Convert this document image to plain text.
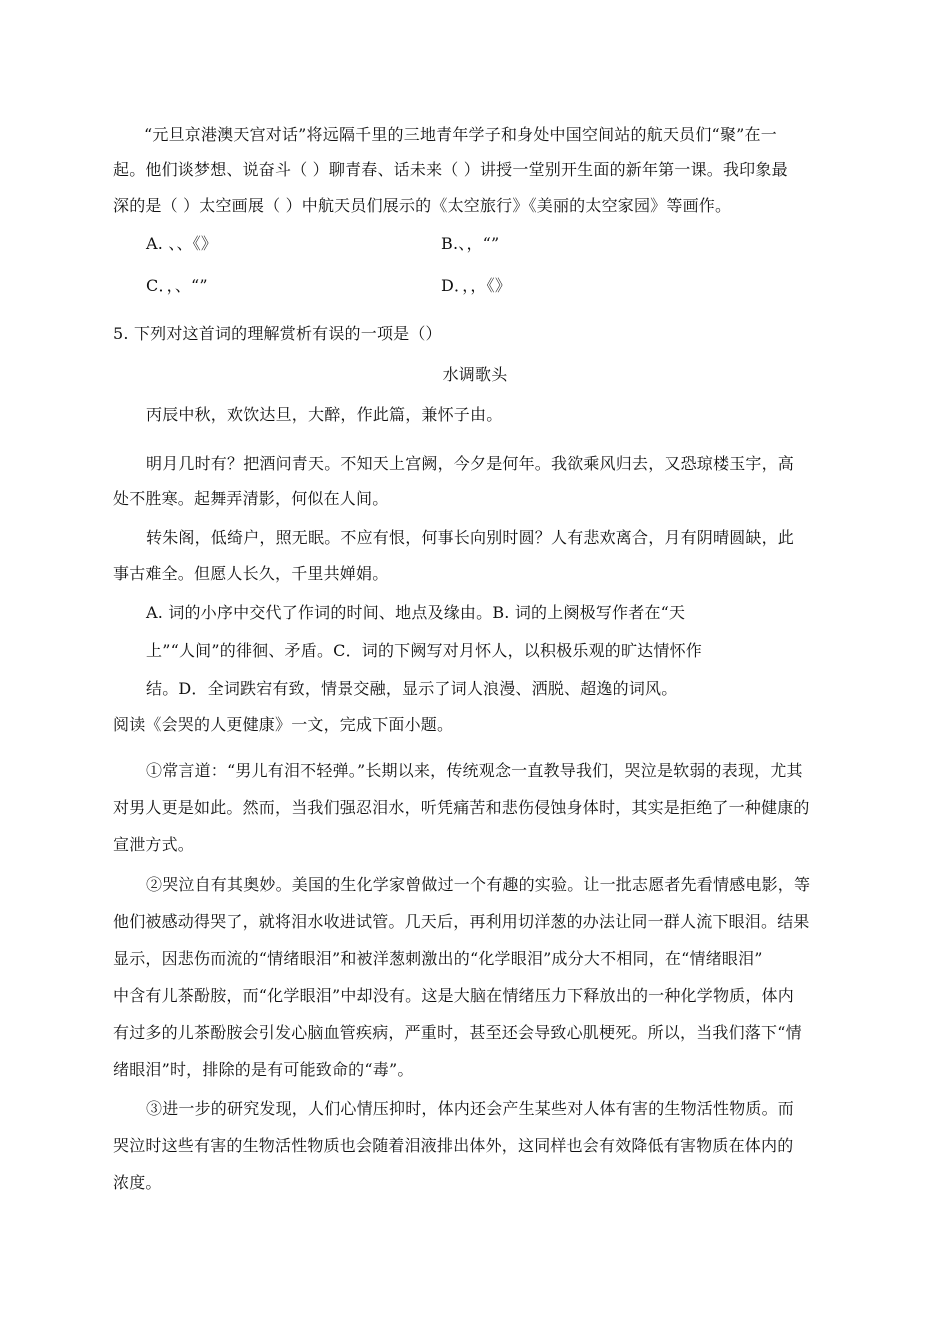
“元旦京港澳天宫对话”将远隔千里的三地青年学子和身处中国空间站的航天员们“聚”在一
起。他们谈梦想、说奋斗（ ）聊青春、话未来（ ）讲授一堂别开生面的新年第一课。我印象最
深的是（ ）太空画展（ ）中航天员们展示的《太空旅行》《美丽的太空家园》等画作。
A. 、、《》	B.、，“”
C．，、“”	D．，，《》
5. 下列对这首词的理解赏析有误的一项是（）
水调歌头
丙辰中秋，欢饮达旦，大醉，作此篇，兼怀子由。
明月几时有？把酒问青天。不知天上宫阙，今夕是何年。我欲乘风归去，又恐琼楼玉宇，高
处不胜寒。起舞弄清影，何似在人间。
转朱阁，低绮户，照无眠。不应有恨，何事长向别时圆？人有悲欢离合，月有阴晴圆缺，此
事古难全。但愿人长久，千里共婵娟。
A. 词的小序中交代了作词的时间、地点及缘由。B. 词的上阕极写作者在“天
上”“人间”的徘徊、矛盾。C．词的下阙写对月怀人，以积极乐观的旷达情怀作
结。D．全词跌宕有致，情景交融，显示了词人浪漫、洒脱、超逸的词风。
阅读《会哭的人更健康》一文，完成下面小题。
①常言道：“男儿有泪不轻弹。”长期以来，传统观念一直教导我们，哭泣是软弱的表现，尤其
对男人更是如此。然而，当我们强忍泪水，听凭痛苦和悲伤侵蚀身体时，其实是拒绝了一种健康的
宣泄方式。
②哭泣自有其奥妙。美国的生化学家曾做过一个有趣的实验。让一批志愿者先看情感电影，等
他们被感动得哭了，就将泪水收进试管。几天后，再利用切洋葱的办法让同一群人流下眼泪。结果
显示，因悲伤而流的“情绪眼泪”和被洋葱刺激出的“化学眼泪”成分大不相同，在“情绪眼泪”
中含有儿茶酚胺，而“化学眼泪”中却没有。这是大脑在情绪压力下释放出的一种化学物质，体内
有过多的儿茶酚胺会引发心脑血管疾病，严重时，甚至还会导致心肌梗死。所以，当我们落下“情
绪眼泪”时，排除的是有可能致命的“毒”。
③进一步的研究发现，人们心情压抑时，体内还会产生某些对人体有害的生物活性物质。而
哭泣时这些有害的生物活性物质也会随着泪液排出体外，这同样也会有效降低有害物质在体内的
浓度。
